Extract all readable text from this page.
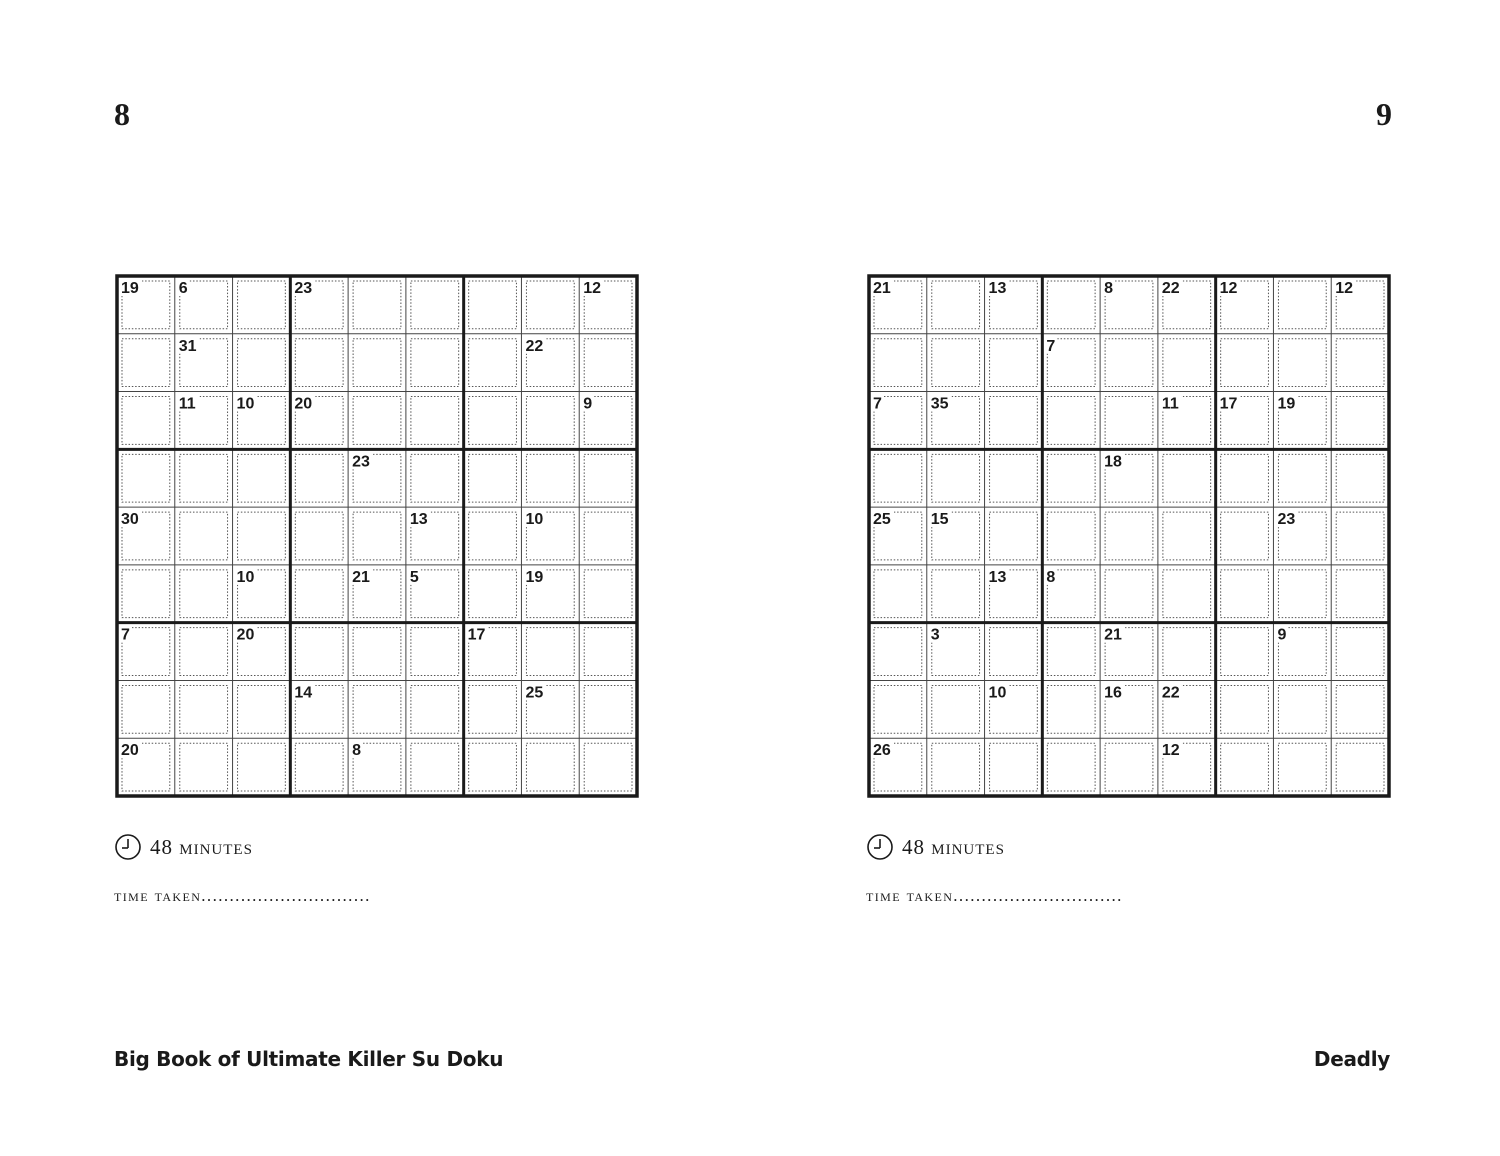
8	9
19 6	23	12
31	22
11	10 20	9
23
30	13	10
10	21 5	19
7	20	17
14	25
20	8
21	13	8	22 12	12
7
7	35	11	17 19
18
25 15	23
13 8
3	21	9
10	16 22
26	12
48
minutes	48
minutes
time taken..............................	time taken..............................
Big Book of Ultimate Killer Su Doku	Deadly
